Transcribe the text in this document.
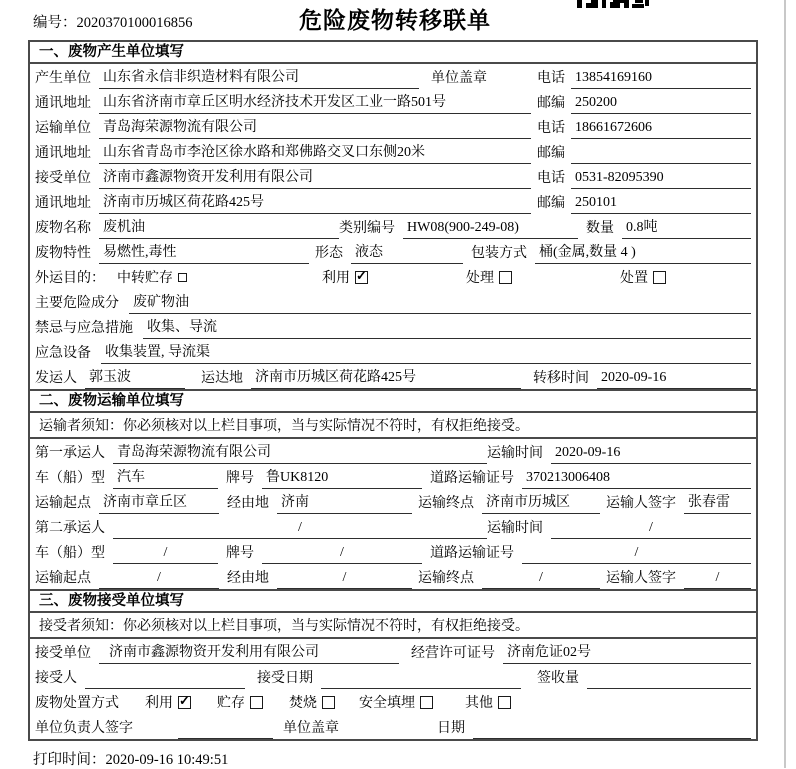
编号：2020370100016856	危险废物转移联单
一、废物产生单位填写
产生单位 山东省永信非织造材料有限公司	单位盖章	电话 13854169160
通讯地址 山东省济南市章丘区明水经济技术开发区工业一路501号	邮编 250200
运输单位 青岛海荣源物流有限公司	电话 18661672606
通讯地址 山东省青岛市李沧区徐水路和郑佛路交叉口东侧20米	邮编
接受单位 济南市鑫源物资开发利用有限公司	电话 0531-82095390
通讯地址 济南市历城区荷花路425号	邮编 250101
废物名称 废机油	类别编号 HW08(900-249-08)	数量 0.8吨
废物特性 易燃性,毒性	形态 液态	包装方式 桶(金属,数量 4 )
外运目的： 中转贮存	利用 ✓	处理	处置
主要危险成分 废矿物油
禁忌与应急措施 收集、导流
应急设备 收集装置, 导流渠
发运人 郭玉波	运达地 济南市历城区荷花路425号	转移时间 2020-09-16
二、废物运输单位填写
运输者须知：你必须核对以上栏目事项，当与实际情况不符时，有权拒绝接受。
第一承运人 青岛海荣源物流有限公司	运输时间 2020-09-16
车（船）型 汽车	牌号 鲁UK8120	道路运输证号 370213006408
运输起点 济南市章丘区	经由地 济南	运输终点 济南市历城区	运输人签字 张春雷
第二承运人	/	运输时间	/
车（船）型	/	牌号	/	道路运输证号	/
运输起点	/	经由地	/	运输终点	/	运输人签字	/
三、废物接受单位填写
接受者须知：你必须核对以上栏目事项，当与实际情况不符时，有权拒绝接受。
接受单位	济南市鑫源物资开发利用有限公司	经营许可证号 济南危证02号
接受人	接受日期	签收量
废物处置方式 利用 ✓ 贮存	焚烧	安全填埋	其他
单位负责人签字	单位盖章	日期
打印时间：2020-09-16 10:49:51
